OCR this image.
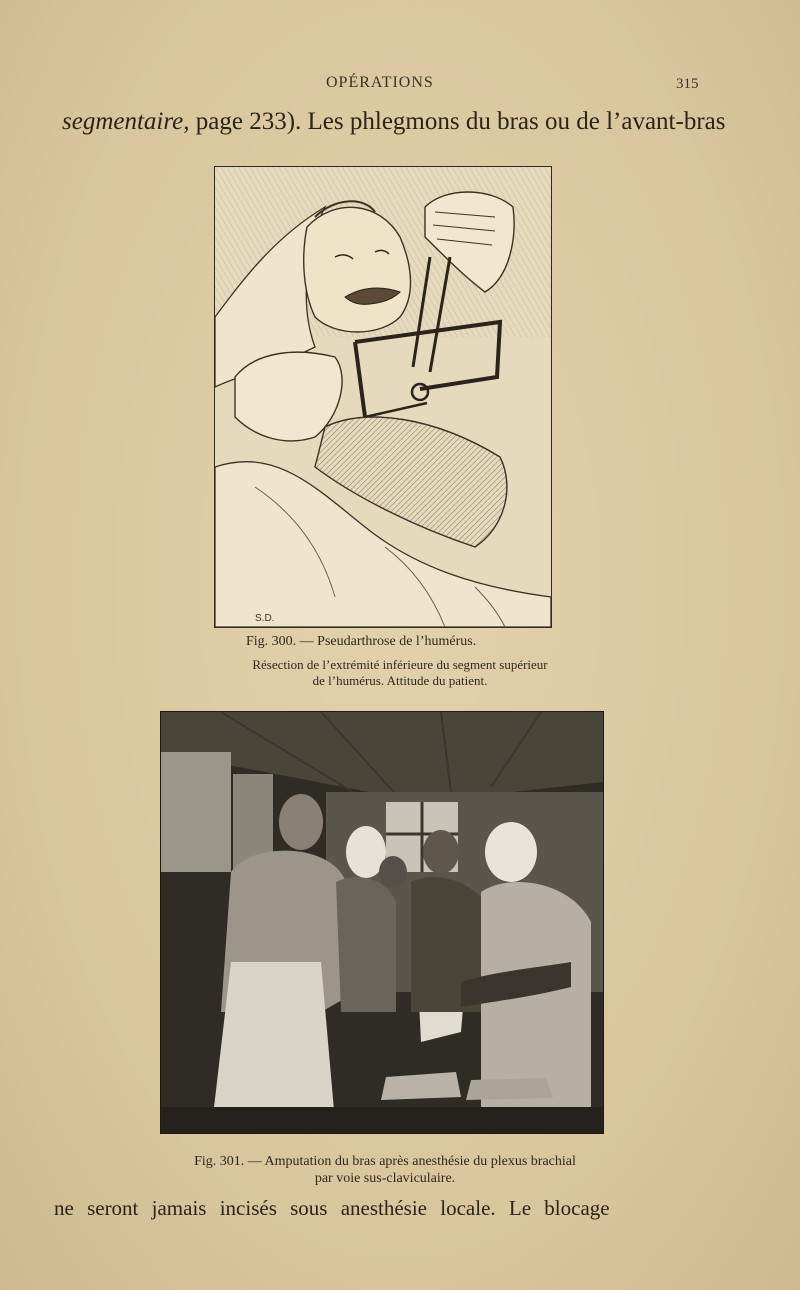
OPÉRATIONS	315
segmentaire, page 233). Les phlegmons du bras ou de l’avant-bras
S.D.
Fig. 300. — Pseudarthrose de l’humérus.
Résection de l’extrémité inférieure du segment supérieur
de l’humérus. Attitude du patient.
Fig. 301. — Amputation du bras après anesthésie du plexus brachial
par voie sus-claviculaire.
ne seront jamais incisés sous anesthésie locale. Le blocage
